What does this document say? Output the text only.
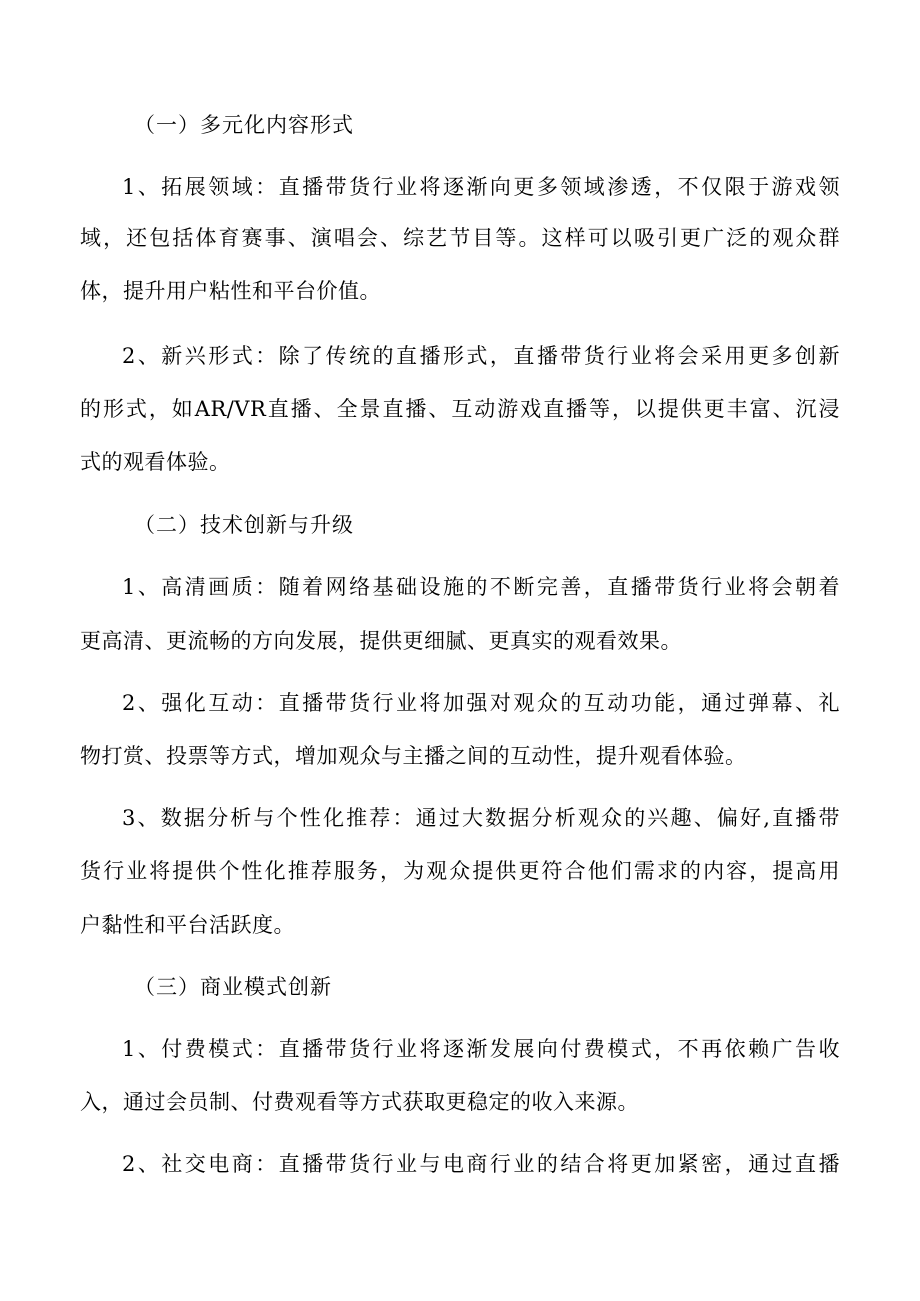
（一）多元化内容形式
1、拓展领域：直播带货行业将逐渐向更多领域渗透，不仅限于游戏领
域，还包括体育赛事、演唱会、综艺节目等。这样可以吸引更广泛的观众群
体，提升用户粘性和平台价值。
2、新兴形式：除了传统的直播形式，直播带货行业将会采用更多创新
的形式，如AR/VR直播、全景直播、互动游戏直播等，以提供更丰富、沉浸
式的观看体验。
（二）技术创新与升级
1、高清画质：随着网络基础设施的不断完善，直播带货行业将会朝着
更高清、更流畅的方向发展，提供更细腻、更真实的观看效果。
2、强化互动：直播带货行业将加强对观众的互动功能，通过弹幕、礼
物打赏、投票等方式，增加观众与主播之间的互动性，提升观看体验。
3、数据分析与个性化推荐：通过大数据分析观众的兴趣、偏好,直播带
货行业将提供个性化推荐服务，为观众提供更符合他们需求的内容，提高用
户黏性和平台活跃度。
（三）商业模式创新
1、付费模式：直播带货行业将逐渐发展向付费模式，不再依赖广告收
入，通过会员制、付费观看等方式获取更稳定的收入来源。
2、社交电商：直播带货行业与电商行业的结合将更加紧密，通过直播
